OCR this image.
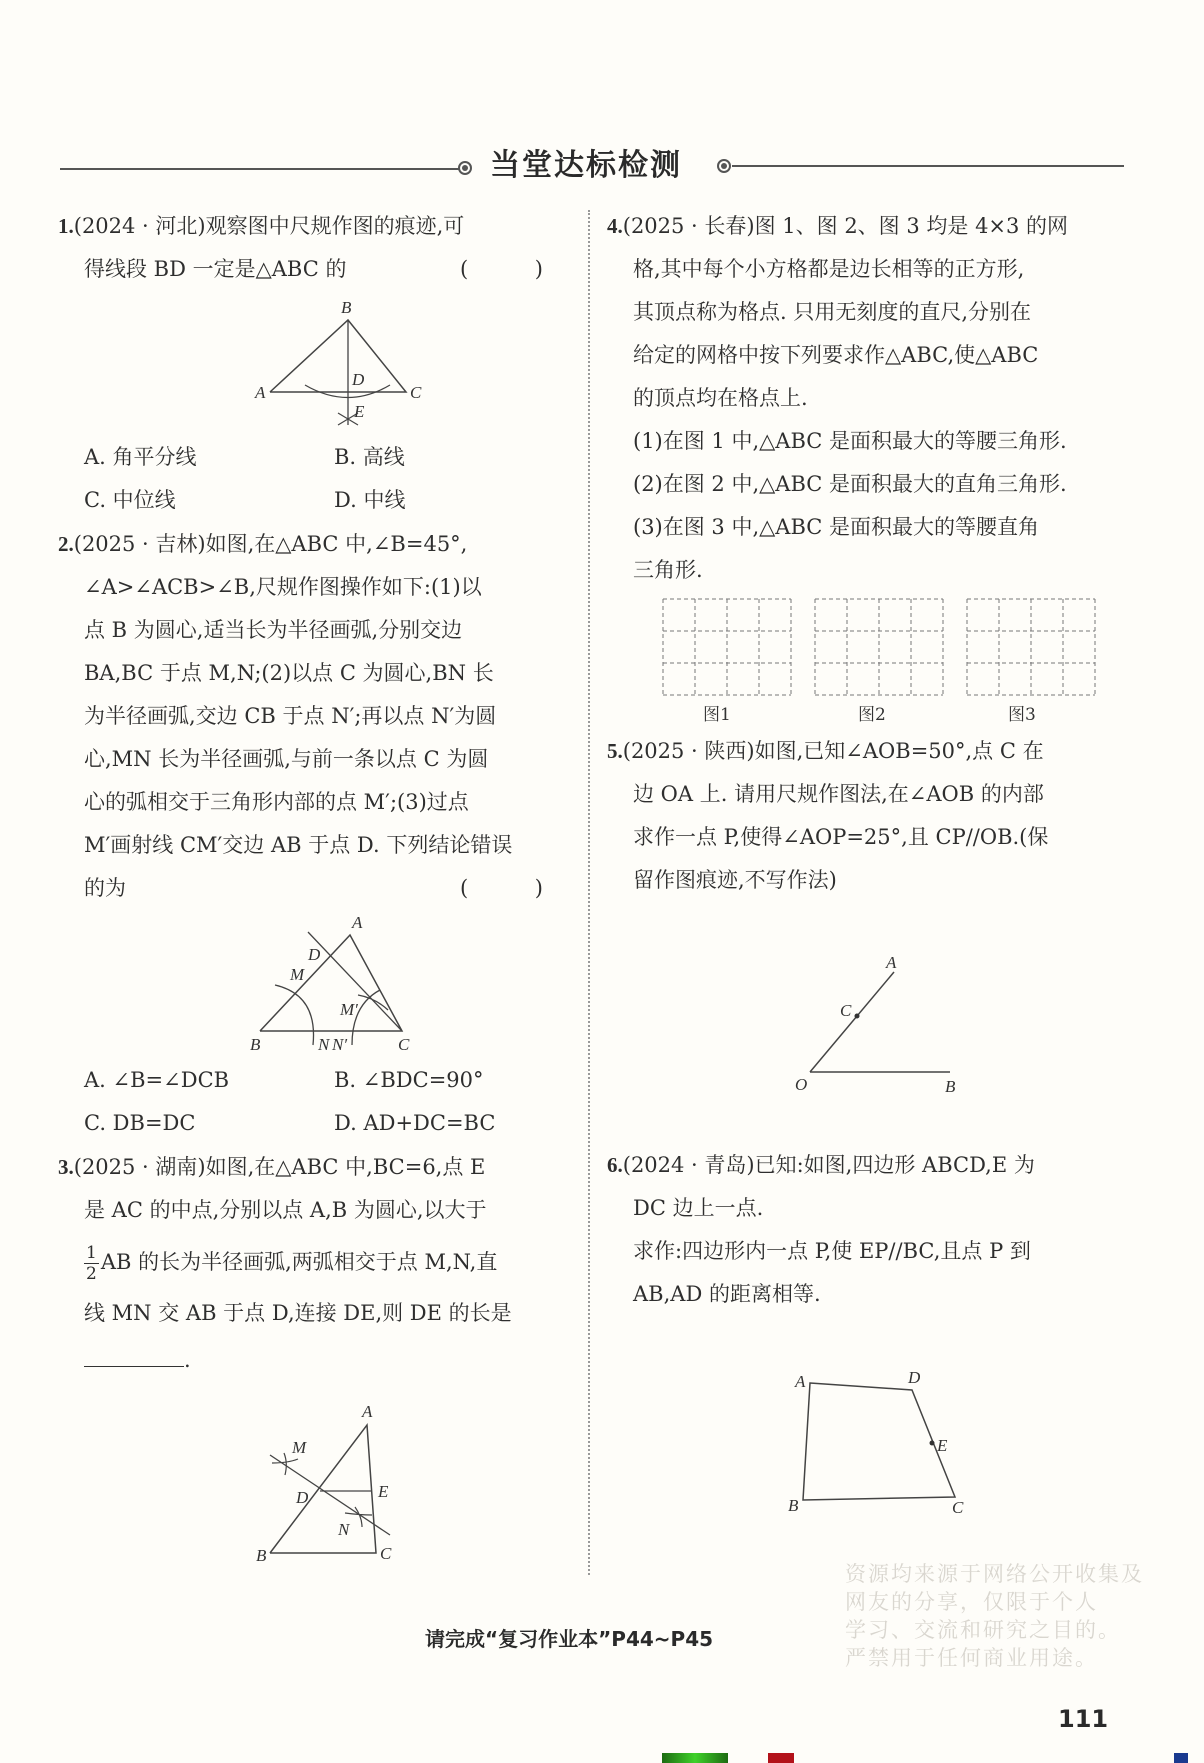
当堂达标检测
1.(2024 · 河北)观察图中尺规作图的痕迹,可
得线段 BD 一定是△ABC 的	( )
B
A	C
D
E
A. 角平分线	B. 高线
C. 中位线	D. 中线
2.(2025 · 吉林)如图,在△ABC 中,∠B=45°,
∠A>∠ACB>∠B,尺规作图操作如下:(1)以
点 B 为圆心,适当长为半径画弧,分别交边
BA,BC 于点 M,N;(2)以点 C 为圆心,BN 长
为半径画弧,交边 CB 于点 N′;再以点 N′为圆
心,MN 长为半径画弧,与前一条以点 C 为圆
心的弧相交于三角形内部的点 M′;(3)过点
M′画射线 CM′交边 AB 于点 D. 下列结论错误
的为	( )
A
D
M
M′
B	N N′	C
A. ∠B=∠DCB	B. ∠BDC=90°
C. DB=DC	D. AD+DC=BC
3.(2025 · 湖南)如图,在△ABC 中,BC=6,点 E
是 AC 的中点,分别以点 A,B 为圆心,以大于
$\frac{1}{2}$ AB 的长为半径画弧,两弧相交于点 M,N,直
线 MN 交 AB 于点 D,连接 DE,则 DE 的长是
.
A
M
D	E
N
B	C
4.(2025 · 长春)图 1、图 2、图 3 均是 4×3 的网
格,其中每个小方格都是边长相等的正方形,
其顶点称为格点. 只用无刻度的直尺,分别在
给定的网格中按下列要求作△ABC,使△ABC
的顶点均在格点上.
(1)在图 1 中,△ABC 是面积最大的等腰三角形.
(2)在图 2 中,△ABC 是面积最大的直角三角形.
(3)在图 3 中,△ABC 是面积最大的等腰直角
三角形.
图1	图2	图3
5.(2025 · 陕西)如图,已知∠AOB=50°,点 C 在
边 OA 上. 请用尺规作图法,在∠AOB 的内部
求作一点 P,使得∠AOP=25°,且 CP//OB.(保
留作图痕迹,不写作法)
A
C
O	B
6.(2024 · 青岛)已知:如图,四边形 ABCD,E 为
DC 边上一点.
求作:四边形内一点 P,使 EP//BC,且点 P 到
AB,AD 的距离相等.
A	D
E
B	C
资源均来源于网络公开收集及
网友的分享，仅限于个人
学习、交流和研究之目的。
严禁用于任何商业用途。
请完成“复习作业本”P44~P45
111
